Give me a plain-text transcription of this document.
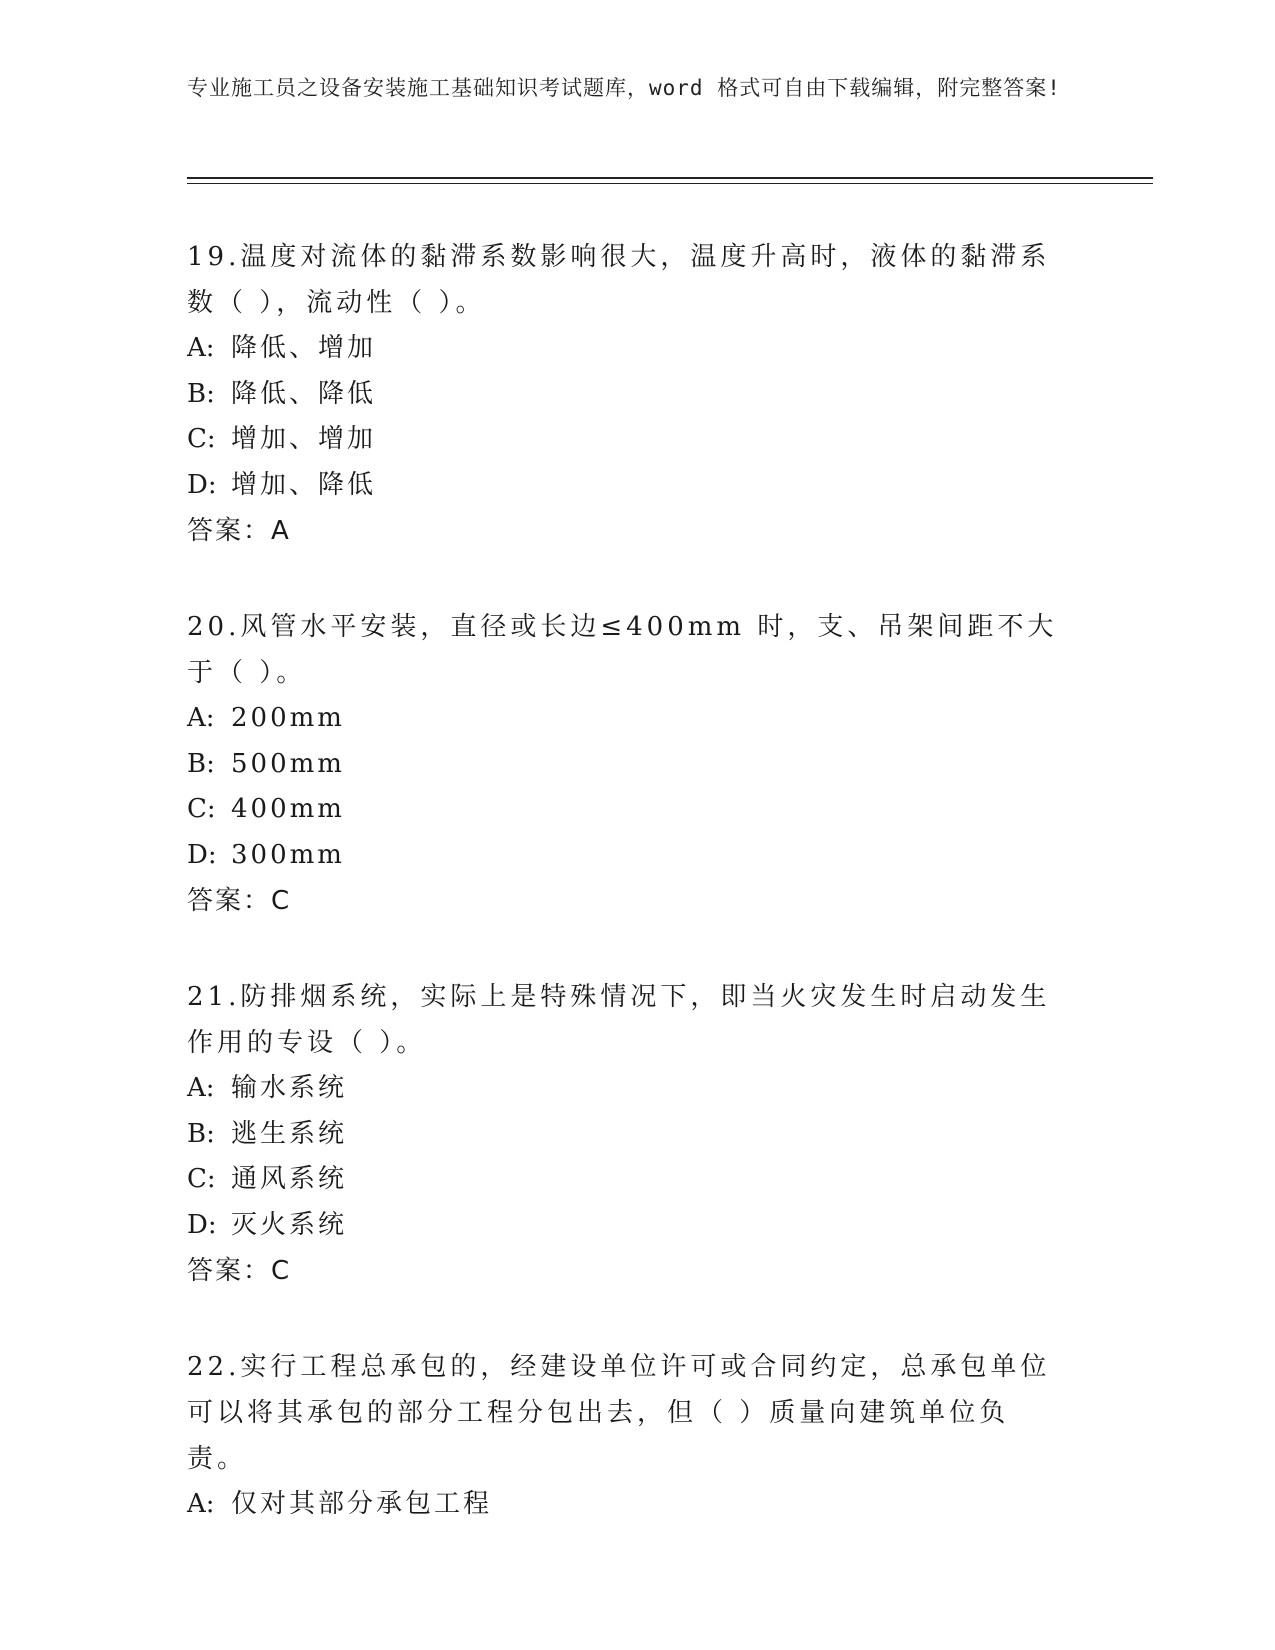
专业施工员之设备安装施工基础知识考试题库，word 格式可自由下载编辑，附完整答案!

19.温度对流体的黏滞系数影响很大，温度升高时，液体的黏滞系数（ ），流动性（ ）。

A: 降低、增加

B: 降低、降低

C: 增加、增加

D: 增加、降低

答案：A

20.风管水平安装，直径或长边≤400mm 时，支、吊架间距不大于（ ）。

A: 200mm

B: 500mm

C: 400mm

D: 300mm

答案：C

21.防排烟系统，实际上是特殊情况下，即当火灾发生时启动发生作用的专设（ ）。

A: 输水系统

B: 逃生系统

C: 通风系统

D: 灭火系统

答案：C

22.实行工程总承包的，经建设单位许可或合同约定，总承包单位可以将其承包的部分工程分包出去，但（ ）质量向建筑单位负责。

A: 仅对其部分承包工程
